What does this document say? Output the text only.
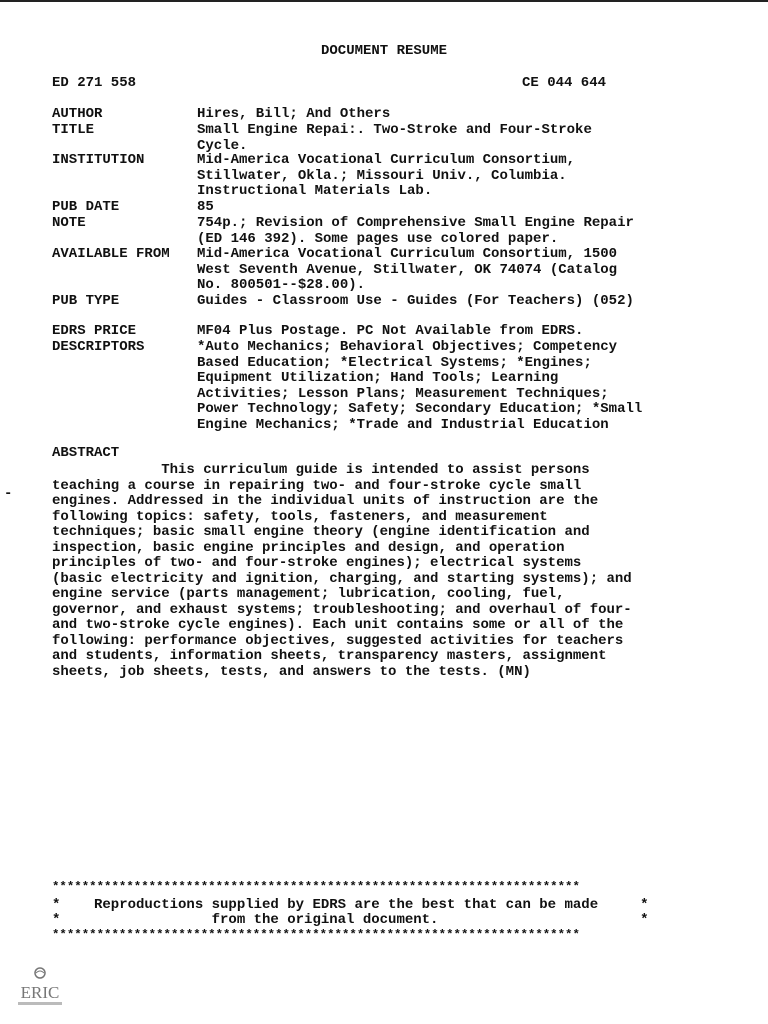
DOCUMENT RESUME
ED 271 558	CE 044 644

AUTHOR

	Hires, Bill; And Others

TITLE

	Small Engine Repai:. Two-Stroke and Four-Stroke
Cycle.

INSTITUTION

	Mid-America Vocational Curriculum Consortium,
Stillwater, Okla.; Missouri Univ., Columbia.
Instructional Materials Lab.

PUB DATE

	85

NOTE

	754p.; Revision of Comprehensive Small Engine Repair
(ED 146 392). Some pages use colored paper.

AVAILABLE FROM

Mid-America Vocational Curriculum Consortium, 1500
West Seventh Avenue, Stillwater, OK 74074 (Catalog
No. 800501--$28.00).

PUB TYPE

	Guides - Classroom Use - Guides (For Teachers) (052)

EDRS PRICE

	MF04 Plus Postage. PC Not Available from EDRS.

DESCRIPTORS

	*Auto Mechanics; Behavioral Objectives; Competency
Based Education; *Electrical Systems; *Engines;
Equipment Utilization; Hand Tools; Learning
Activities; Lesson Plans; Measurement Techniques;
Power Technology; Safety; Secondary Education; *Small
Engine Mechanics; *Trade and Industrial Education

ABSTRACT
This curriculum guide is intended to assist persons
teaching a course in repairing two- and four-stroke cycle small
engines. Addressed in the individual units of instruction are the
following topics: safety, tools, fasteners, and measurement
techniques; basic small engine theory (engine identification and
inspection, basic engine principles and design, and operation
principles of two- and four-stroke engines); electrical systems
(basic electricity and ignition, charging, and starting systems); and
engine service (parts management; lubrication, cooling, fuel,
governor, and exhaust systems; troubleshooting; and overhaul of four-
and two-stroke cycle engines). Each unit contains some or all of the
following: performance objectives, suggested activities for teachers
and students, information sheets, transparency masters, assignment
sheets, job sheets, tests, and answers to the tests. (MN)
-
***********************************************************************
*    Reproductions supplied by EDRS are the best that can be made     *
*                  from the original document.                        *
***********************************************************************
ERIC
